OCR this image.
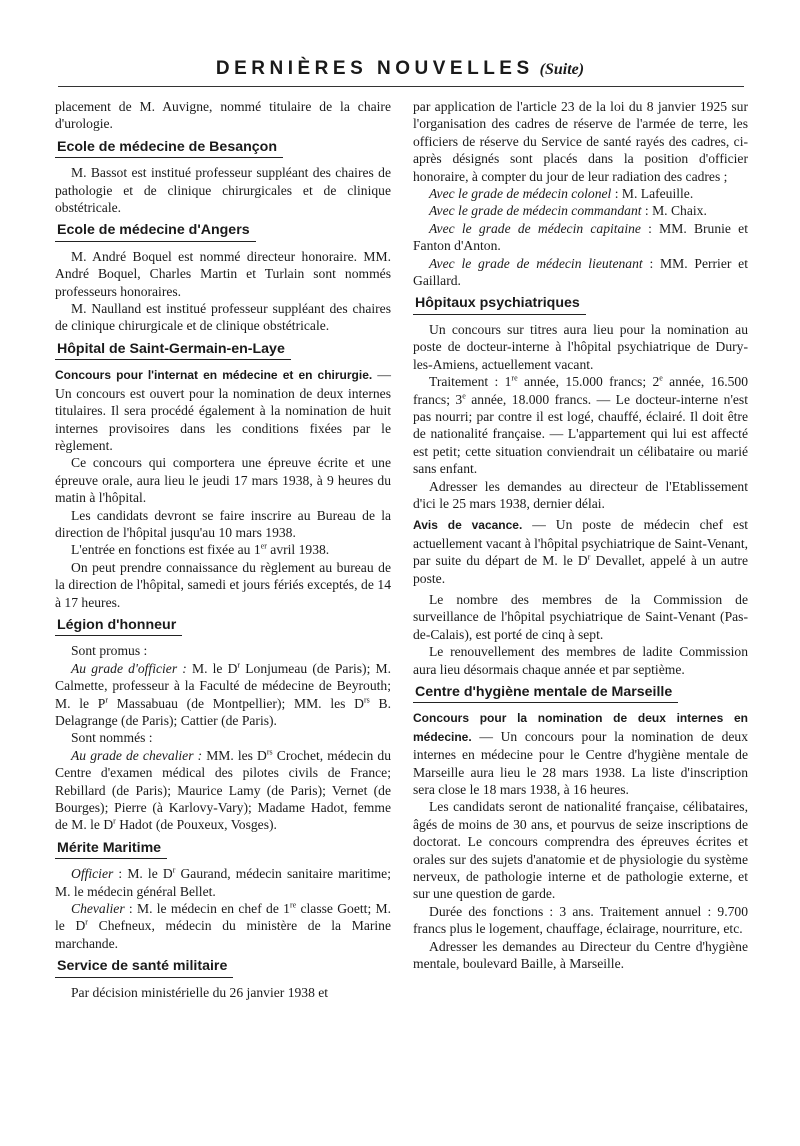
DERNIÈRES NOUVELLES (Suite)

placement de M. Auvigne, nommé titulaire de la chaire d'urologie.

Ecole de médecine de Besançon

M. Bassot est institué professeur suppléant des chaires de pathologie et de clinique chirurgicales et de clinique obstétricale.

Ecole de médecine d'Angers

M. André Boquel est nommé directeur honoraire. MM. André Boquel, Charles Martin et Turlain sont nommés professeurs honoraires.

M. Naulland est institué professeur suppléant des chaires de clinique chirurgicale et de clinique obstétricale.

Hôpital de Saint-Germain-en-Laye

Concours pour l'internat en médecine et en chirurgie. — Un concours est ouvert pour la nomination de deux internes titulaires. Il sera procédé également à la nomination de huit internes provisoires dans les conditions fixées par le règlement.

Ce concours qui comportera une épreuve écrite et une épreuve orale, aura lieu le jeudi 17 mars 1938, à 9 heures du matin à l'hôpital.

Les candidats devront se faire inscrire au Bureau de la direction de l'hôpital jusqu'au 10 mars 1938.

L'entrée en fonctions est fixée au 1er avril 1938.

On peut prendre connaissance du règlement au bureau de la direction de l'hôpital, samedi et jours fériés exceptés, de 14 à 17 heures.

Légion d'honneur

Sont promus :

Au grade d'officier : M. le $D^r$ Lonjumeau (de Paris); M. Calmette, professeur à la Faculté de médecine de Beyrouth; M. le $P^r$ Massabuau (de Montpellier); MM. les $D^{rs}$ B. Delagrange (de Paris); Cattier (de Paris).

Sont nommés :

Au grade de chevalier : MM. les $D^{rs}$ Crochet, médecin du Centre d'examen médical des pilotes civils de France; Rebillard (de Paris); Maurice Lamy (de Paris); Vernet (de Bourges); Pierre (à Karlovy-Vary); Madame Hadot, femme de M. le $D^r$ Hadot (de Pouxeux, Vosges).

Mérite Maritime

Officier : M. le $D^r$ Gaurand, médecin sanitaire maritime; M. le médecin général Bellet.

Chevalier : M. le médecin en chef de 1re classe Goett; M. le $D^r$ Chefneux, médecin du ministère de la Marine marchande.

Service de santé militaire

Par décision ministérielle du 26 janvier 1938 et

par application de l'article 23 de la loi du 8 janvier 1925 sur l'organisation des cadres de réserve de l'armée de terre, les officiers de réserve du Service de santé rayés des cadres, ci-après désignés sont placés dans la position d'officier honoraire, à compter du jour de leur radiation des cadres ;

Avec le grade de médecin colonel : M. Lafeuille.

Avec le grade de médecin commandant : M. Chaix.

Avec le grade de médecin capitaine : MM. Brunie et Fanton d'Anton.

Avec le grade de médecin lieutenant : MM. Perrier et Gaillard.

Hôpitaux psychiatriques

Un concours sur titres aura lieu pour la nomination au poste de docteur-interne à l'hôpital psychiatrique de Dury-les-Amiens, actuellement vacant.

Traitement : 1re année, 15.000 francs; 2e année, 16.500 francs; 3e année, 18.000 francs. — Le docteur-interne n'est pas nourri; par contre il est logé, chauffé, éclairé. Il doit être de nationalité française. — L'appartement qui lui est affecté est petit; cette situation conviendrait un célibataire ou marié sans enfant.

Adresser les demandes au directeur de l'Etablissement d'ici le 25 mars 1938, dernier délai.

Avis de vacance. — Un poste de médecin chef est actuellement vacant à l'hôpital psychiatrique de Saint-Venant, par suite du départ de M. le $D^r$ Devallet, appelé à un autre poste.

Le nombre des membres de la Commission de surveillance de l'hôpital psychiatrique de Saint-Venant (Pas-de-Calais), est porté de cinq à sept.

Le renouvellement des membres de ladite Commission aura lieu désormais chaque année et par septième.

Centre d'hygiène mentale de Marseille

Concours pour la nomination de deux internes en médecine. — Un concours pour la nomination de deux internes en médecine pour le Centre d'hygiène mentale de Marseille aura lieu le 28 mars 1938. La liste d'inscription sera close le 18 mars 1938, à 16 heures.

Les candidats seront de nationalité française, célibataires, âgés de moins de 30 ans, et pourvus de seize inscriptions de doctorat. Le concours comprendra des épreuves écrites et orales sur des sujets d'anatomie et de physiologie du système nerveux, de pathologie interne et de pathologie externe, et sur une question de garde.

Durée des fonctions : 3 ans. Traitement annuel : 9.700 francs plus le logement, chauffage, éclairage, nourriture, etc.

Adresser les demandes au Directeur du Centre d'hygiène mentale, boulevard Baille, à Marseille.
